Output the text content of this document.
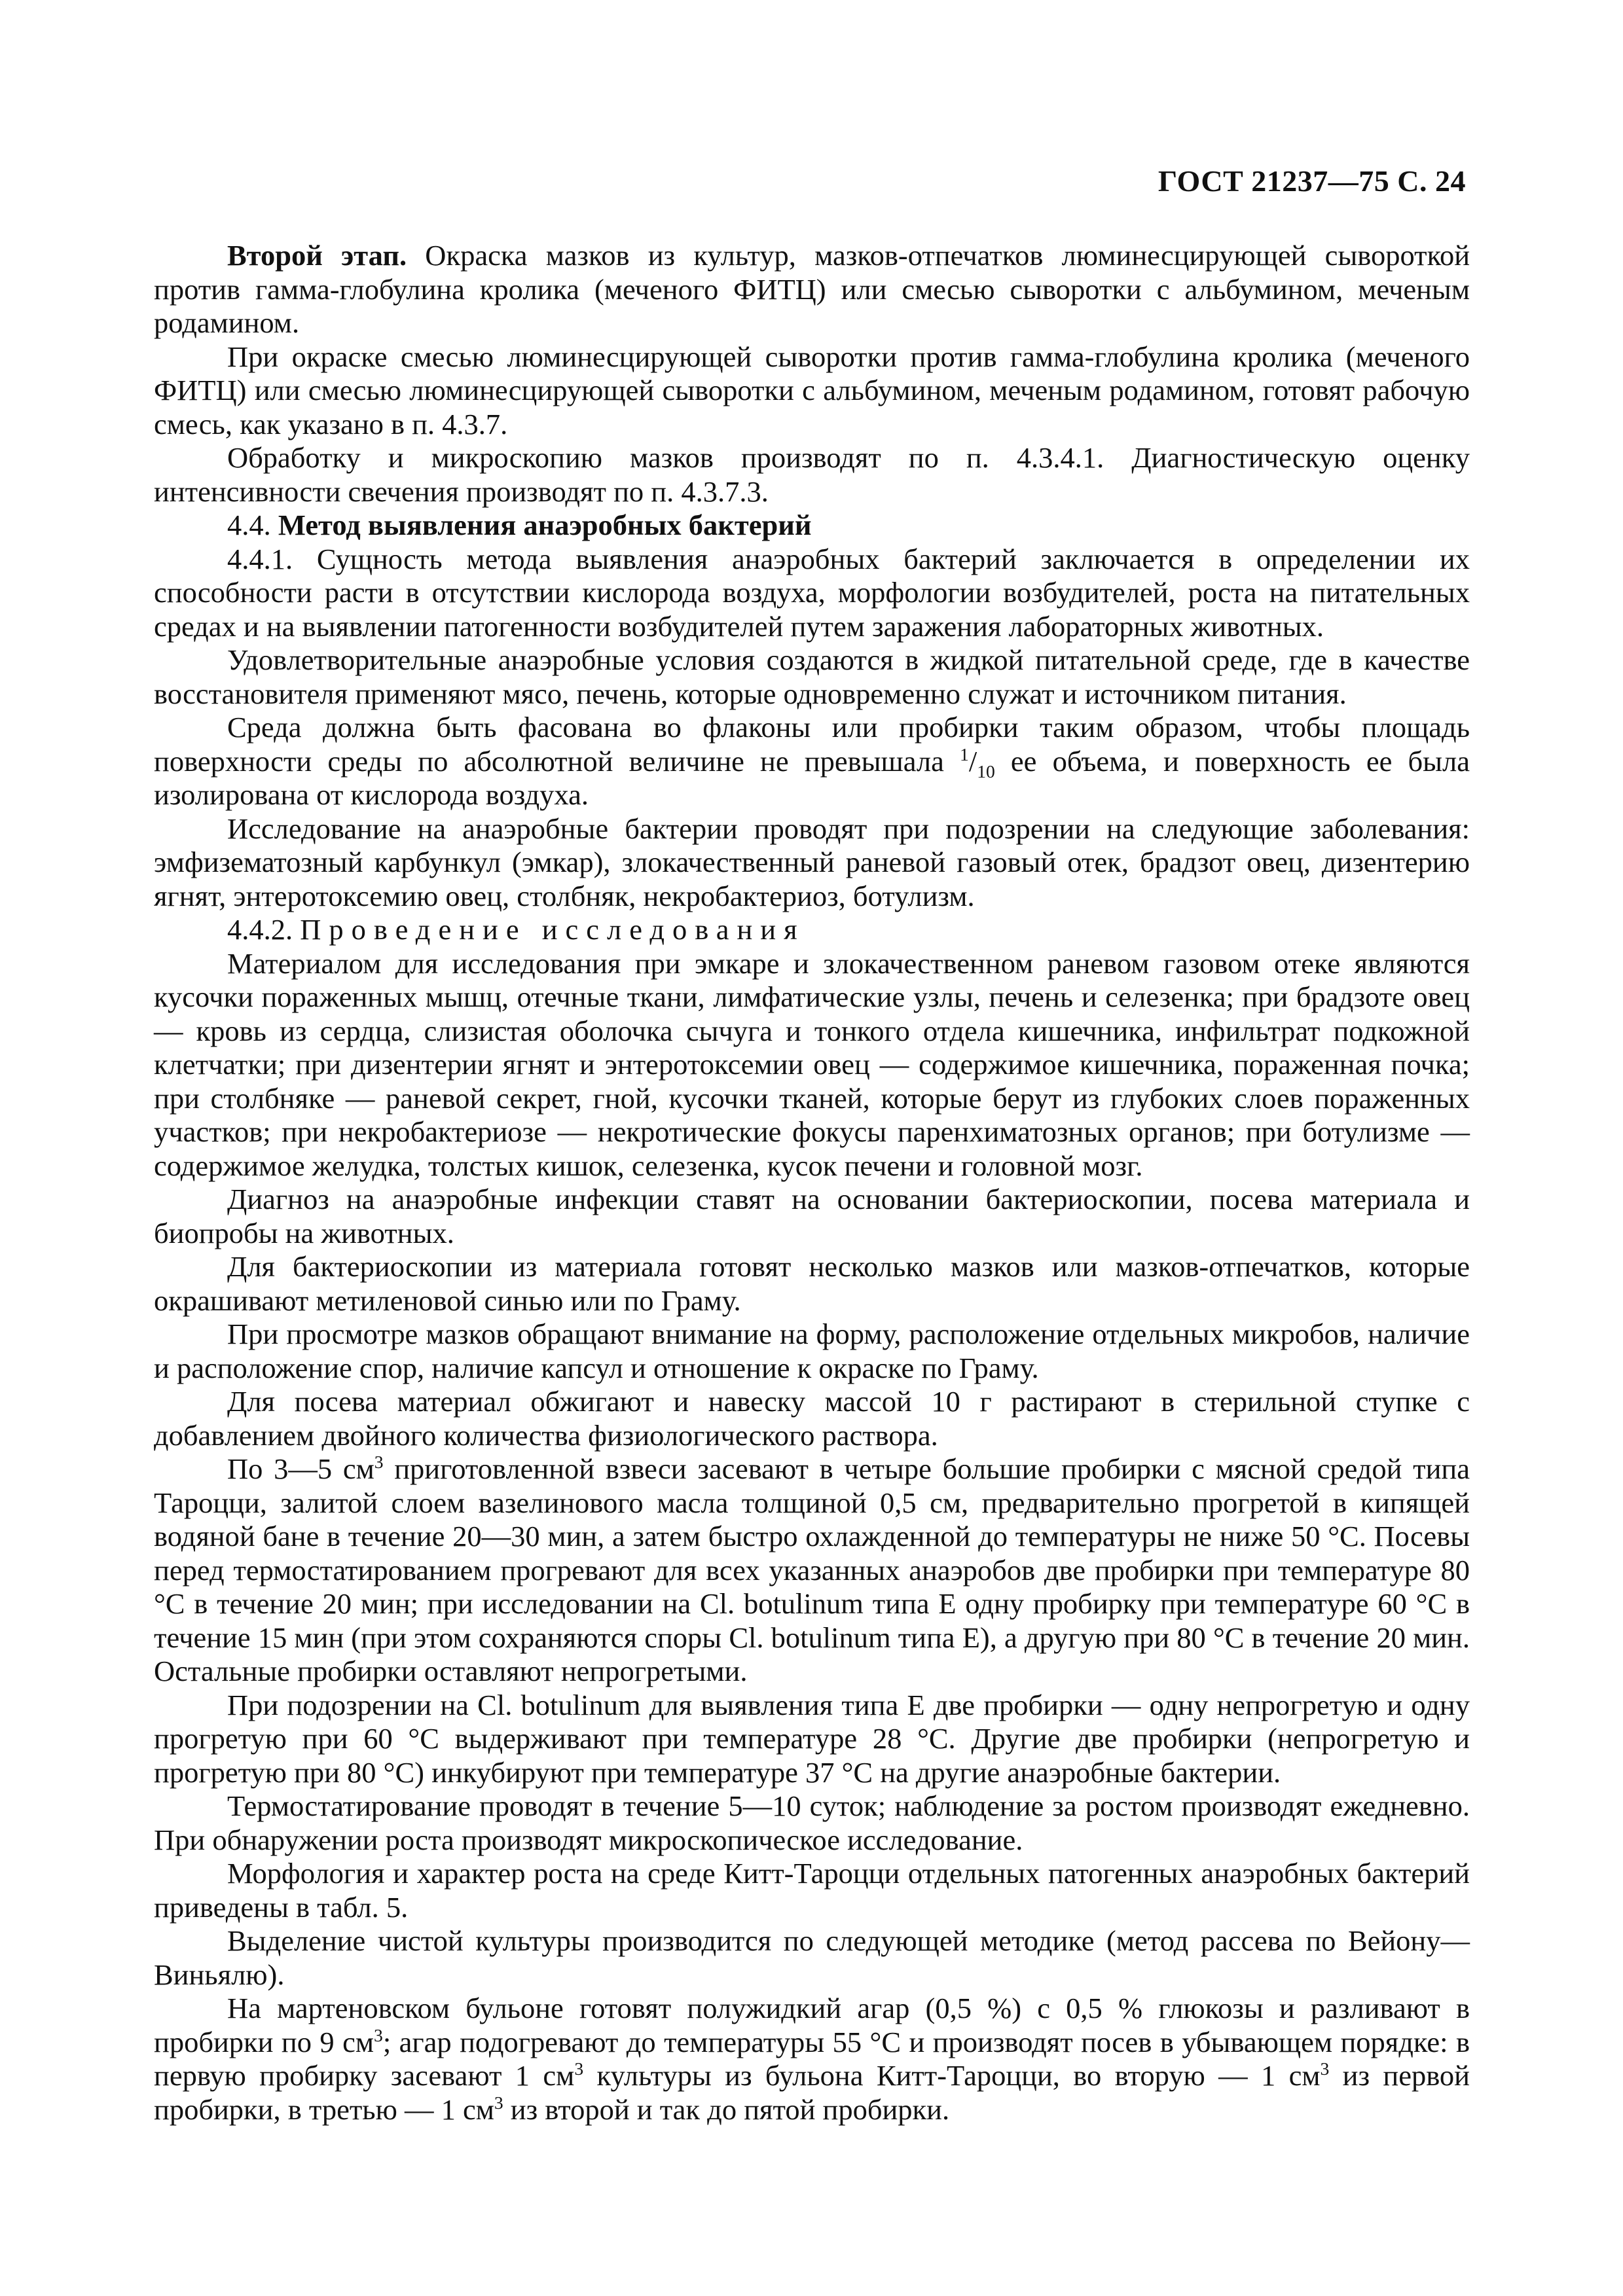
ГОСТ 21237—75 С. 24

Второй этап. Окраска мазков из культур, мазков-отпечатков люминесцирующей сывороткой против гамма-глобулина кролика (меченого ФИТЦ) или смесью сыворотки с альбумином, меченым родамином.

При окраске смесью люминесцирующей сыворотки против гамма-глобулина кролика (меченого ФИТЦ) или смесью люминесцирующей сыворотки с альбумином, меченым родамином, готовят рабочую смесь, как указано в п. 4.3.7.

Обработку и микроскопию мазков производят по п. 4.3.4.1. Диагностическую оценку интенсивности свечения производят по п. 4.3.7.3.

4.4. Метод выявления анаэробных бактерий

4.4.1. Сущность метода выявления анаэробных бактерий заключается в определении их способности расти в отсутствии кислорода воздуха, морфологии возбудителей, роста на питательных средах и на выявлении патогенности возбудителей путем заражения лабораторных животных.

Удовлетворительные анаэробные условия создаются в жидкой питательной среде, где в качестве восстановителя применяют мясо, печень, которые одновременно служат и источником питания.

Среда должна быть фасована во флаконы или пробирки таким образом, чтобы площадь поверхности среды по абсолютной величине не превышала $^1/_{10}$ ее объема, и поверхность ее была изолирована от кислорода воздуха.

Исследование на анаэробные бактерии проводят при подозрении на следующие заболевания: эмфизематозный карбункул (эмкар), злокачественный раневой газовый отек, брадзот овец, дизентерию ягнят, энтеротоксемию овец, столбняк, некробактериоз, ботулизм.

4.4.2. Проведение исследования

Материалом для исследования при эмкаре и злокачественном раневом газовом отеке являются кусочки пораженных мышц, отечные ткани, лимфатические узлы, печень и селезенка; при брадзоте овец — кровь из сердца, слизистая оболочка сычуга и тонкого отдела кишечника, инфильтрат подкожной клетчатки; при дизентерии ягнят и энтеротоксемии овец — содержимое кишечника, пораженная почка; при столбняке — раневой секрет, гной, кусочки тканей, которые берут из глубоких слоев пораженных участков; при некробактериозе — некротические фокусы паренхиматозных органов; при ботулизме — содержимое желудка, толстых кишок, селезенка, кусок печени и головной мозг.

Диагноз на анаэробные инфекции ставят на основании бактериоскопии, посева материала и биопробы на животных.

Для бактериоскопии из материала готовят несколько мазков или мазков-отпечатков, которые окрашивают метиленовой синью или по Граму.

При просмотре мазков обращают внимание на форму, расположение отдельных микробов, наличие и расположение спор, наличие капсул и отношение к окраске по Граму.

Для посева материал обжигают и навеску массой 10 г растирают в стерильной ступке с добавлением двойного количества физиологического раствора.

По 3—5 $см^3$ приготовленной взвеси засевают в четыре большие пробирки с мясной средой типа Тароцци, залитой слоем вазелинового масла толщиной 0,5 см, предварительно прогретой в кипящей водяной бане в течение 20—30 мин, а затем быстро охлажденной до температуры не ниже 50 °С. Посевы перед термостатированием прогревают для всех указанных анаэробов две пробирки при температуре 80 °С в течение 20 мин; при исследовании на Cl. botulinum типа Е одну пробирку при температуре 60 °С в течение 15 мин (при этом сохраняются споры Cl. botulinum типа Е), а другую при 80 °С в течение 20 мин. Остальные пробирки оставляют непрогретыми.

При подозрении на Cl. botulinum для выявления типа Е две пробирки — одну непрогретую и одну прогретую при 60 °С выдерживают при температуре 28 °С. Другие две пробирки (непрогретую и прогретую при 80 °С) инкубируют при температуре 37 °С на другие анаэробные бактерии.

Термостатирование проводят в течение 5—10 суток; наблюдение за ростом производят ежедневно. При обнаружении роста производят микроскопическое исследование.

Морфология и характер роста на среде Китт-Тароцци отдельных патогенных анаэробных бактерий приведены в табл. 5.

Выделение чистой культуры производится по следующей методике (метод рассева по Вейону—Виньялю).

На мартеновском бульоне готовят полужидкий агар (0,5 %) с 0,5 % глюкозы и разливают в пробирки по 9 $см^3$; агар подогревают до температуры 55 °С и производят посев в убывающем порядке: в первую пробирку засевают 1 $см^3$ культуры из бульона Китт-Тароцци, во вторую — 1 $см^3$ из первой пробирки, в третью — 1 $см^3$ из второй и так до пятой пробирки.
